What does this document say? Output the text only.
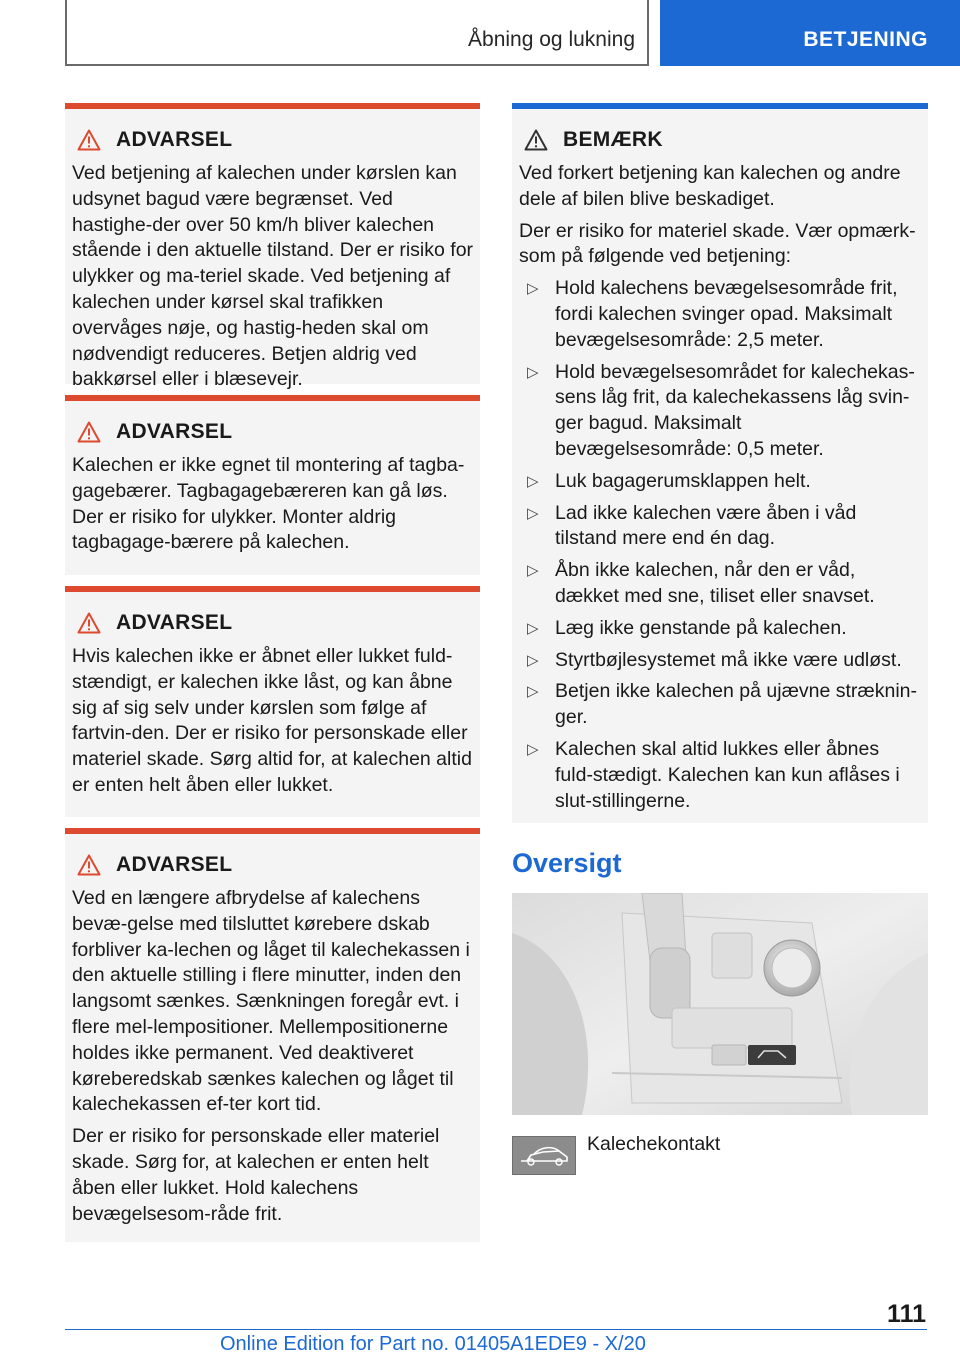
Åbning og lukning	BETJENING
ADVARSEL

Ved betjening af kalechen under kørslen kan udsynet bagud være begrænset. Ved hastighe-der over 50 km/h bliver kalechen stående i den aktuelle tilstand. Der er risiko for ulykker og ma-teriel skade. Ved betjening af kalechen under kørsel skal trafikken overvåges nøje, og hastig-heden skal om nødvendigt reduceres. Betjen aldrig ved bakkørsel eller i blæsevejr.

ADVARSEL

Kalechen er ikke egnet til montering af tagba-gagebærer. Tagbagagebæreren kan gå løs. Der er risiko for ulykker. Monter aldrig tagbagage-bærere på kalechen.

ADVARSEL

Hvis kalechen ikke er åbnet eller lukket fuld-stændigt, er kalechen ikke låst, og kan åbne sig af sig selv under kørslen som følge af fartvin-den. Der er risiko for personskade eller materiel skade. Sørg altid for, at kalechen altid er enten helt åben eller lukket.

ADVARSEL

Ved en længere afbrydelse af kalechens bevæ-gelse med tilsluttet kørebere dskab forbliver ka-lechen og låget til kalechekassen i den aktuelle stilling i flere minutter, inden den langsomt sænkes. Sænkningen foregår evt. i flere mel-lempositioner. Mellempositionerne holdes ikke permanent. Ved deaktiveret køreberedskab sænkes kalechen og låget til kalechekassen ef-ter kort tid.

Der er risiko for personskade eller materiel skade. Sørg for, at kalechen er enten helt åben eller lukket. Hold kalechens bevægelsesom-råde frit.

BEMÆRK

Ved forkert betjening kan kalechen og andre dele af bilen blive beskadiget.

Der er risiko for materiel skade. Vær opmærk-som på følgende ved betjening:

▷ Hold kalechens bevægelsesområde frit, fordi kalechen svinger opad. Maksimalt bevægelsesområde: 2,5 meter.
▷ Hold bevægelsesområdet for kalechekas-sens låg frit, da kalechekassens låg svin-ger bagud. Maksimalt bevægelsesområde: 0,5 meter.
▷ Luk bagagerumsklappen helt.
▷ Lad ikke kalechen være åben i våd tilstand mere end én dag.
▷ Åbn ikke kalechen, når den er våd, dækket med sne, tiliset eller snavset.
▷ Læg ikke genstande på kalechen.
▷ Styrtbøjlesystemet må ikke være udløst.
▷ Betjen ikke kalechen på ujævne stræknin-ger.
▷ Kalechen skal altid lukkes eller åbnes fuld-stædigt. Kalechen kan kun aflåses i slut-stillingerne.
Oversigt
Kalechekontakt
111
Online Edition for Part no. 01405A1EDE9 - X/20
